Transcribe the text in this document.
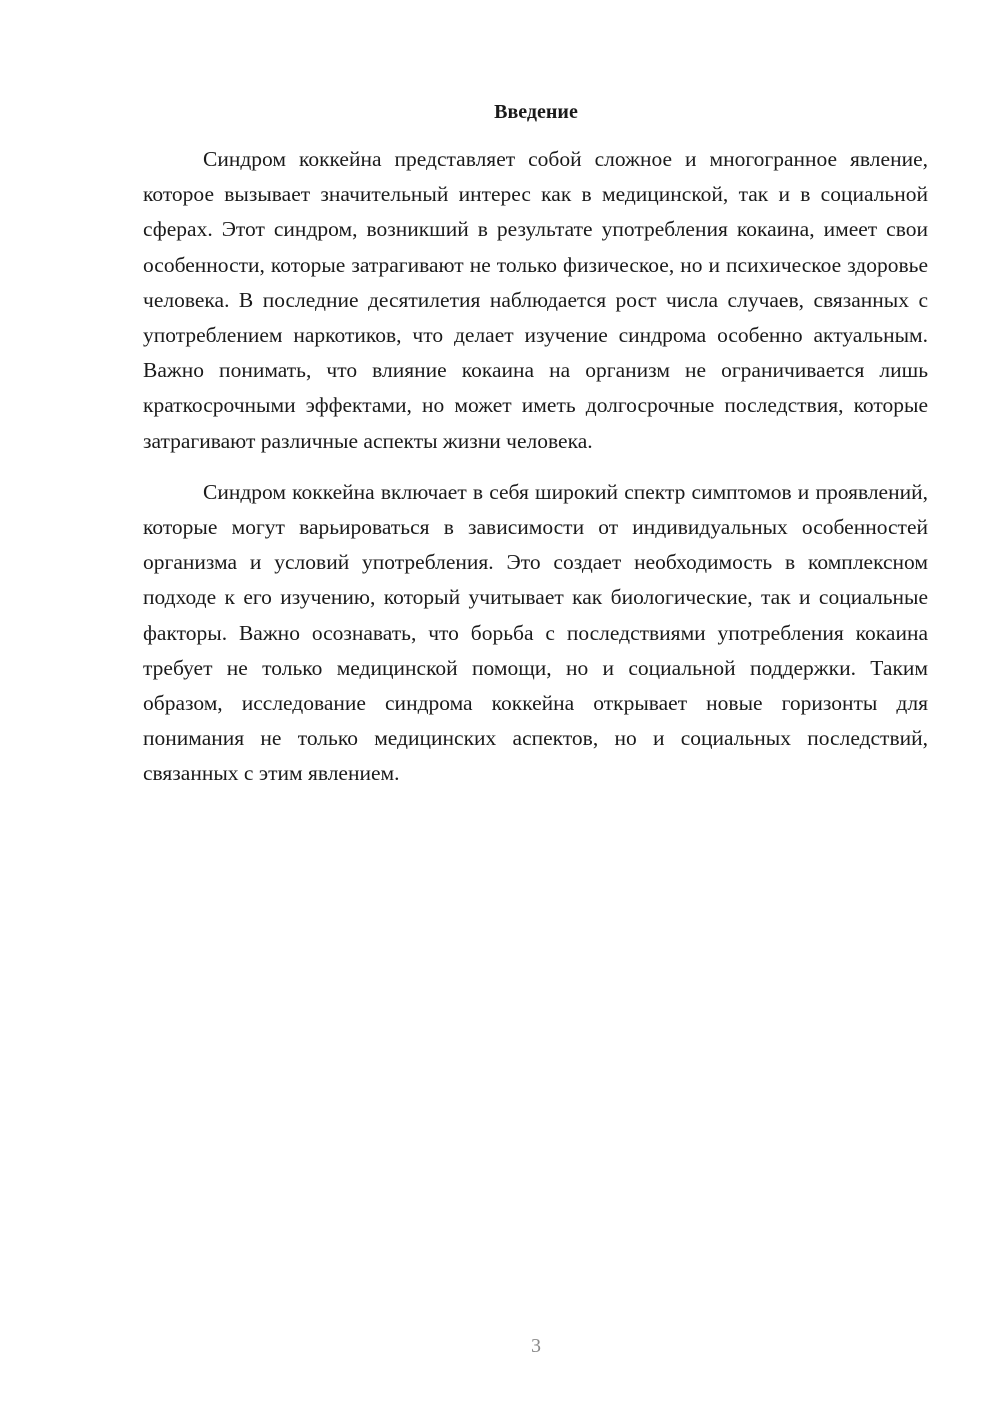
Введение

Синдром коккейна представляет собой сложное и многогранное явление, которое вызывает значительный интерес как в медицинской, так и в социальной сферах. Этот синдром, возникший в результате употребления кокаина, имеет свои особенности, которые затрагивают не только физическое, но и психическое здоровье человека. В последние десятилетия наблюдается рост числа случаев, связанных с употреблением наркотиков, что делает изучение синдрома особенно актуальным. Важно понимать, что влияние кокаина на организм не ограничивается лишь краткосрочными эффектами, но может иметь долгосрочные последствия, которые затрагивают различные аспекты жизни человека.

Синдром коккейна включает в себя широкий спектр симптомов и проявлений, которые могут варьироваться в зависимости от индивидуальных особенностей организма и условий употребления. Это создает необходимость в комплексном подходе к его изучению, который учитывает как биологические, так и социальные факторы. Важно осознавать, что борьба с последствиями употребления кокаина требует не только медицинской помощи, но и социальной поддержки. Таким образом, исследование синдрома коккейна открывает новые горизонты для понимания не только медицинских аспектов, но и социальных последствий, связанных с этим явлением.

3
